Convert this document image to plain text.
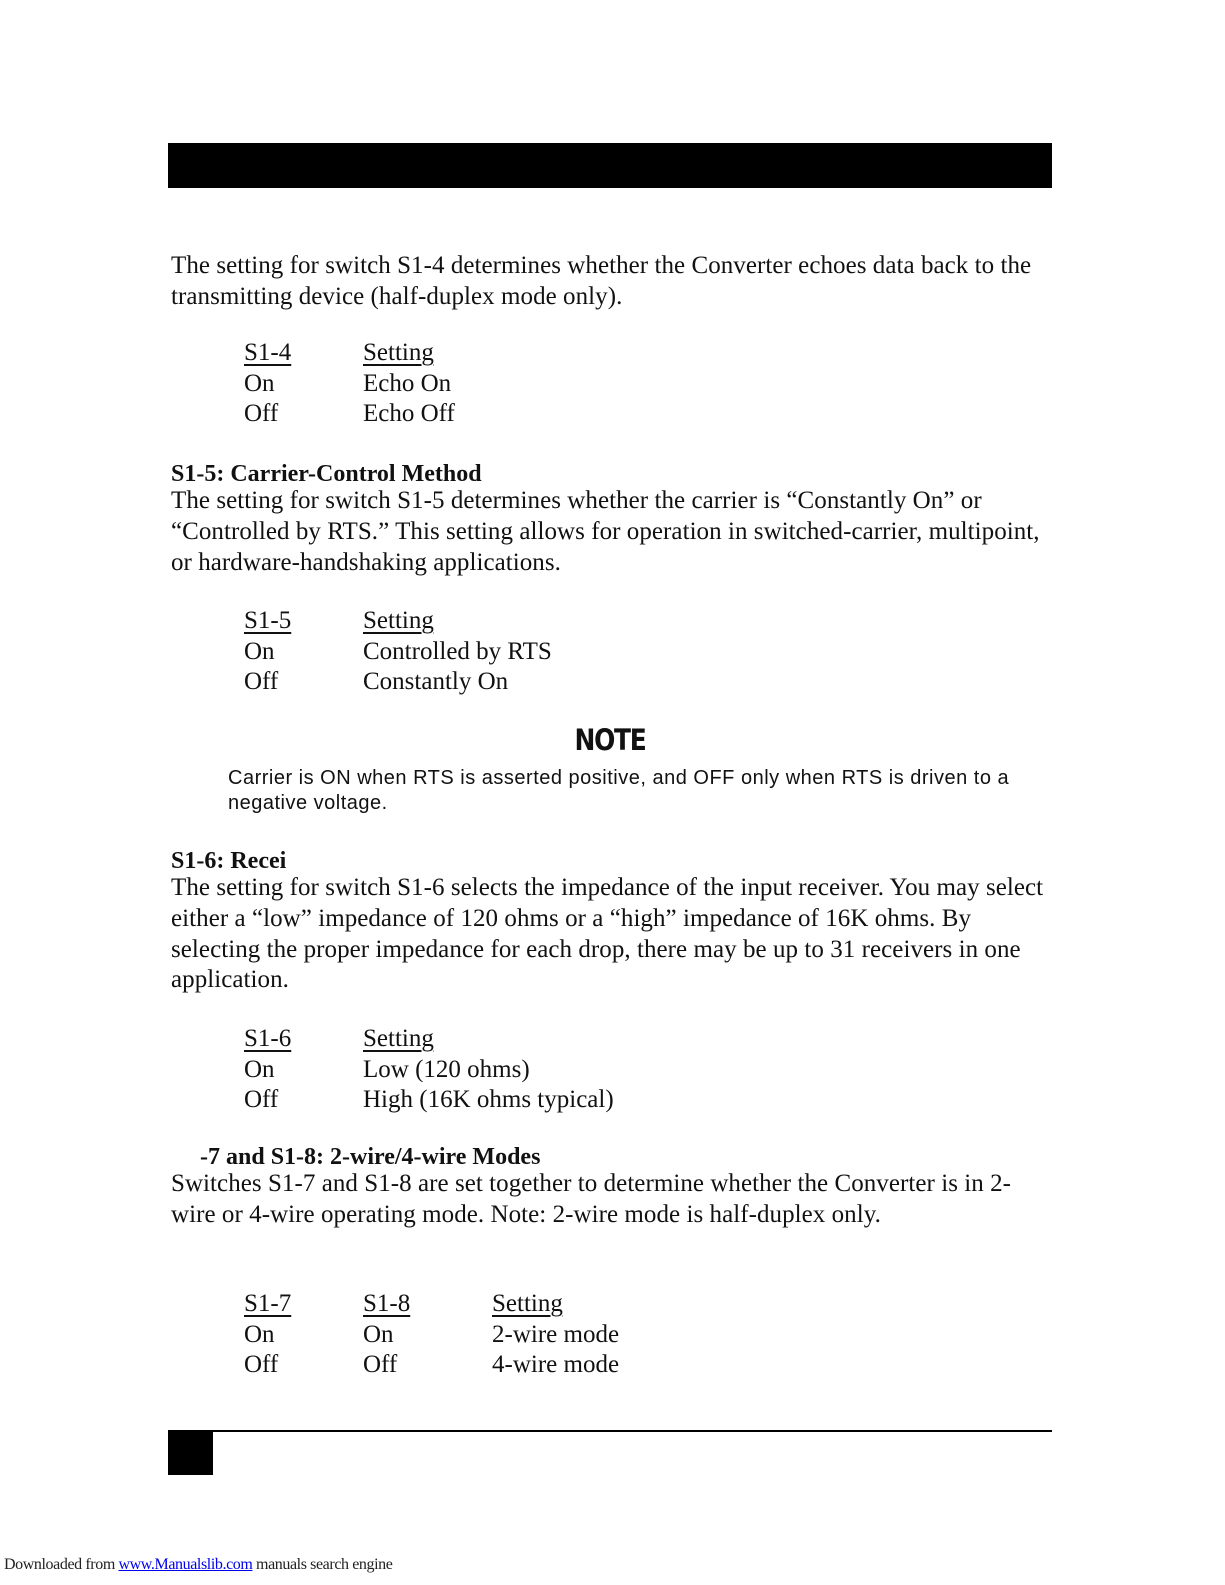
The setting for switch S1-4 determines whether the Converter echoes data back to the transmitting device (half-duplex mode only).

S1-4	Setting
On	Echo On
Off	Echo Off
S1-5: Carrier-Control Method

The setting for switch S1-5 determines whether the carrier is “Constantly On” or “Controlled by RTS.” This setting allows for operation in switched-carrier, multipoint, or hardware-handshaking applications.

S1-5	Setting
On	Controlled by RTS
Off	Constantly On
NOTE

Carrier is ON when RTS is asserted positive, and OFF only when RTS is driven to a negative voltage.

S1-6: Recei

The setting for switch S1-6 selects the impedance of the input receiver. You may select either a “low” impedance of 120 ohms or a “high” impedance of 16K ohms. By selecting the proper impedance for each drop, there may be up to 31 receivers in one application.

S1-6	Setting
On	Low (120 ohms)
Off	High (16K ohms typical)
-7 and S1-8: 2-wire/4-wire Modes

Switches S1-7 and S1-8 are set together to determine whether the Converter is in 2-wire or 4-wire operating mode. Note: 2-wire mode is half-duplex only.

S1-7	S1-8	Setting
On	On	2-wire mode
Off	Off	4-wire mode
Downloaded from www.Manualslib.com manuals search engine
